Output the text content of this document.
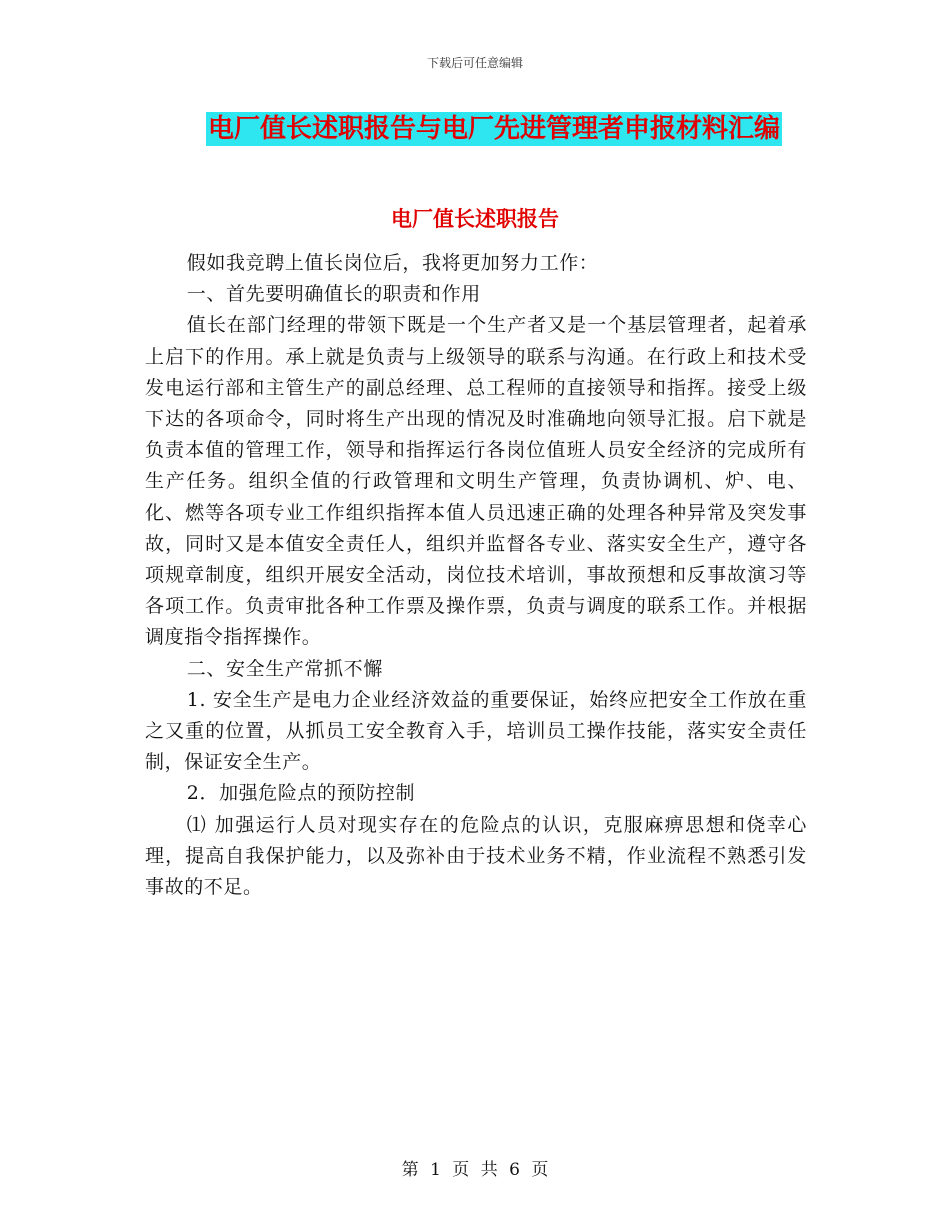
下载后可任意编辑
电厂值长述职报告与电厂先进管理者申报材料汇编
电厂值长述职报告

假如我竞聘上值长岗位后，我将更加努力工作：

一、首先要明确值长的职责和作用

值长在部门经理的带领下既是一个生产者又是一个基层管理者，起着承上启下的作用。承上就是负责与上级领导的联系与沟通。在行政上和技术受发电运行部和主管生产的副总经理、总工程师的直接领导和指挥。接受上级下达的各项命令，同时将生产出现的情况及时准确地向领导汇报。启下就是负责本值的管理工作，领导和指挥运行各岗位值班人员安全经济的完成所有生产任务。组织全值的行政管理和文明生产管理，负责协调机、炉、电、化、燃等各项专业工作组织指挥本值人员迅速正确的处理各种异常及突发事故，同时又是本值安全责任人，组织并监督各专业、落实安全生产，遵守各项规章制度，组织开展安全活动，岗位技术培训，事故预想和反事故演习等各项工作。负责审批各种工作票及操作票，负责与调度的联系工作。并根据调度指令指挥操作。

二、安全生产常抓不懈

1. 安全生产是电力企业经济效益的重要保证，始终应把安全工作放在重之又重的位置，从抓员工安全教育入手，培训员工操作技能，落实安全责任制，保证安全生产。

2．加强危险点的预防控制

⑴ 加强运行人员对现实存在的危险点的认识，克服麻痹思想和侥幸心理，提高自我保护能力，以及弥补由于技术业务不精，作业流程不熟悉引发事故的不足。

第 1 页 共 6 页
